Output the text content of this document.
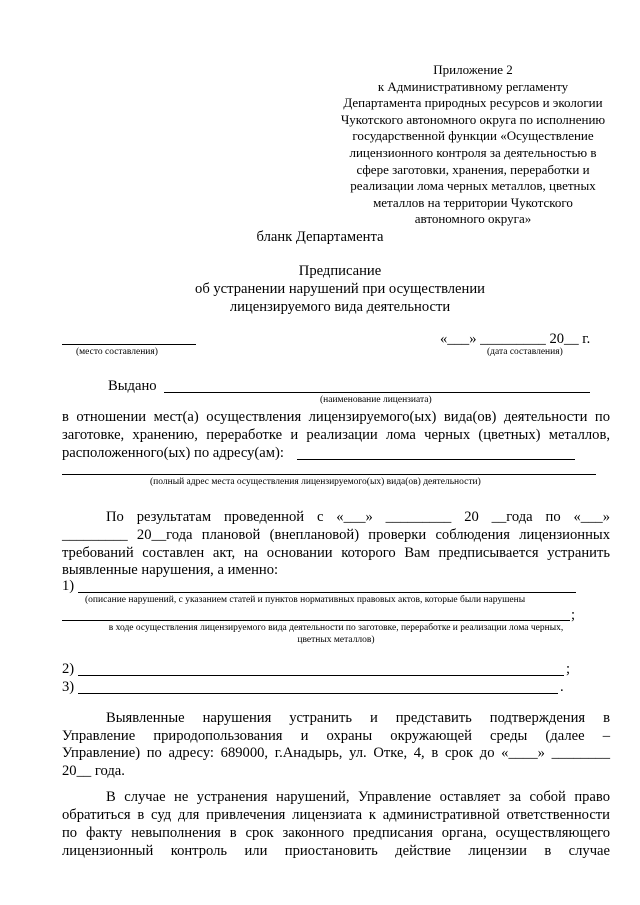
Приложение 2
к Административному регламенту
Департамента природных ресурсов и экологии
Чукотского автономного округа по исполнению
государственной функции «Осуществление
лицензионного контроля за деятельностью в
сфере заготовки, хранения, переработки и
реализации лома черных металлов, цветных
металлов на территории Чукотского
автономного округа»
бланк Департамента
Предписание
об устранении нарушений при осуществлении
лицензируемого вида деятельности
«___» _________ 20__ г.
(место составления)	(дата составления)
Выдано
(наименование лицензиата)
в отношении мест(а) осуществления лицензируемого(ых) вида(ов) деятельности по
заготовке, хранению, переработке и реализации лома черных (цветных) металлов,
расположенного(ых) по адресу(ам):
(полный адрес места осуществления лицензируемого(ых) вида(ов) деятельности)
По результатам проведенной с «___» _________ 20 __года по «___»
_________ 20__года плановой (внеплановой) проверки соблюдения лицензионных
требований составлен акт, на основании которого Вам предписывается устранить
выявленные нарушения, а именно:
1)
(описание нарушений, с указанием статей и пунктов нормативных правовых актов, которые были нарушены
;
в ходе осуществления лицензируемого вида деятельности по заготовке, переработке и реализации лома черных,
цветных металлов)
2)	;
3)	.
Выявленные нарушения устранить и представить подтверждения в
Управление природопользования и охраны окружающей среды (далее –
Управление) по адресу: 689000, г.Анадырь, ул. Отке, 4, в срок до «____» ________
20__ года.
В случае не устранения нарушений, Управление оставляет за собой право
обратиться в суд для привлечения лицензиата к административной ответственности
по факту невыполнения в срок законного предписания органа, осуществляющего
лицензионный контроль или приостановить действие лицензии в случае
